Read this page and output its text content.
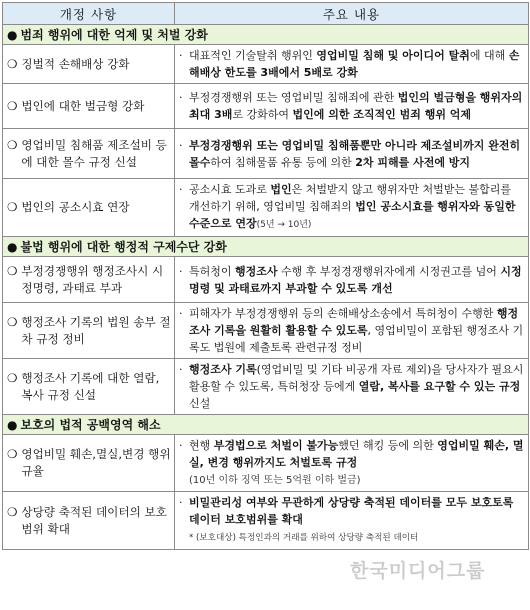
개정 사항	주요 내용
● 범죄 행위에 대한 억제 및 처벌 강화	

❍ 징벌적 손해배상 강화	· 대표적인 기술탈취 행위인 영업비밀 침해 및 아이디어 탈취에 대해 손해배상 한도를 3배에서 5배로 강화

❍ 법인에 대한 벌금형 강화	· 부정경쟁행위 또는 영업비밀 침해죄에 관한 법인의 벌금형을 행위자의 최대 3배로 강화하여 법인에 의한 조직적인 범죄 행위 억제

❍ 영업비밀 침해품 제조설비 등에 대한 몰수 규정 신설	· 부정경쟁행위 또는 영업비밀 침해품뿐만 아니라 제조설비까지 완전히 몰수하여 침해물품 유통 등에 의한 2차 피해를 사전에 방지

❍ 법인의 공소시효 연장	· 공소시효 도과로 법인은 처벌받지 않고 행위자만 처벌받는 불합리를 개선하기 위해, 영업비밀 침해죄의 법인 공소시효를 행위자와 동일한 수준으로 연장(5년 → 10년)

● 불법 행위에 대한 행정적 구제수단 강화	

❍ 부정경쟁행위 행정조사시 시정명령, 과태료 부과	· 특허청이 행정조사 수행 후 부정경쟁행위자에게 시정권고를 넘어 시정명령 및 과태료까지 부과할 수 있도록 개선

❍ 행정조사 기록의 법원 송부 절차 규정 정비	· 피해자가 부정경쟁행위 등의 손해배상소송에서 특허청이 수행한 행정조사 기록을 원활히 활용할 수 있도록, 영업비밀이 포함된 행정조사 기록도 법원에 제출토록 관련규정 정비

❍ 행정조사 기록에 대한 열람, 복사 규정 신설	· 행정조사 기록(영업비밀 및 기타 비공개 자료 제외)을 당사자가 필요시 활용할 수 있도록, 특허청장 등에게 열람, 복사를 요구할 수 있는 규정 신설

● 보호의 법적 공백영역 해소	

❍ 영업비밀 훼손,멸실,변경 행위 규율	· 현행 부경법으로 처벌이 불가능했던 해킹 등에 의한 영업비밀 훼손, 멸실, 변경 행위까지도 처벌토록 규정
(10년 이하 징역 또는 5억원 이하 벌금)

❍ 상당량 축적된 데이터의 보호 범위 확대	· 비밀관리성 여부와 무관하게 상당량 축적된 데이터를 모두 보호토록 데이터 보호범위를 확대
* (보호대상) 특정인과의 거래를 위하여 상당량 축적된 데이터
한국미디어그룹
